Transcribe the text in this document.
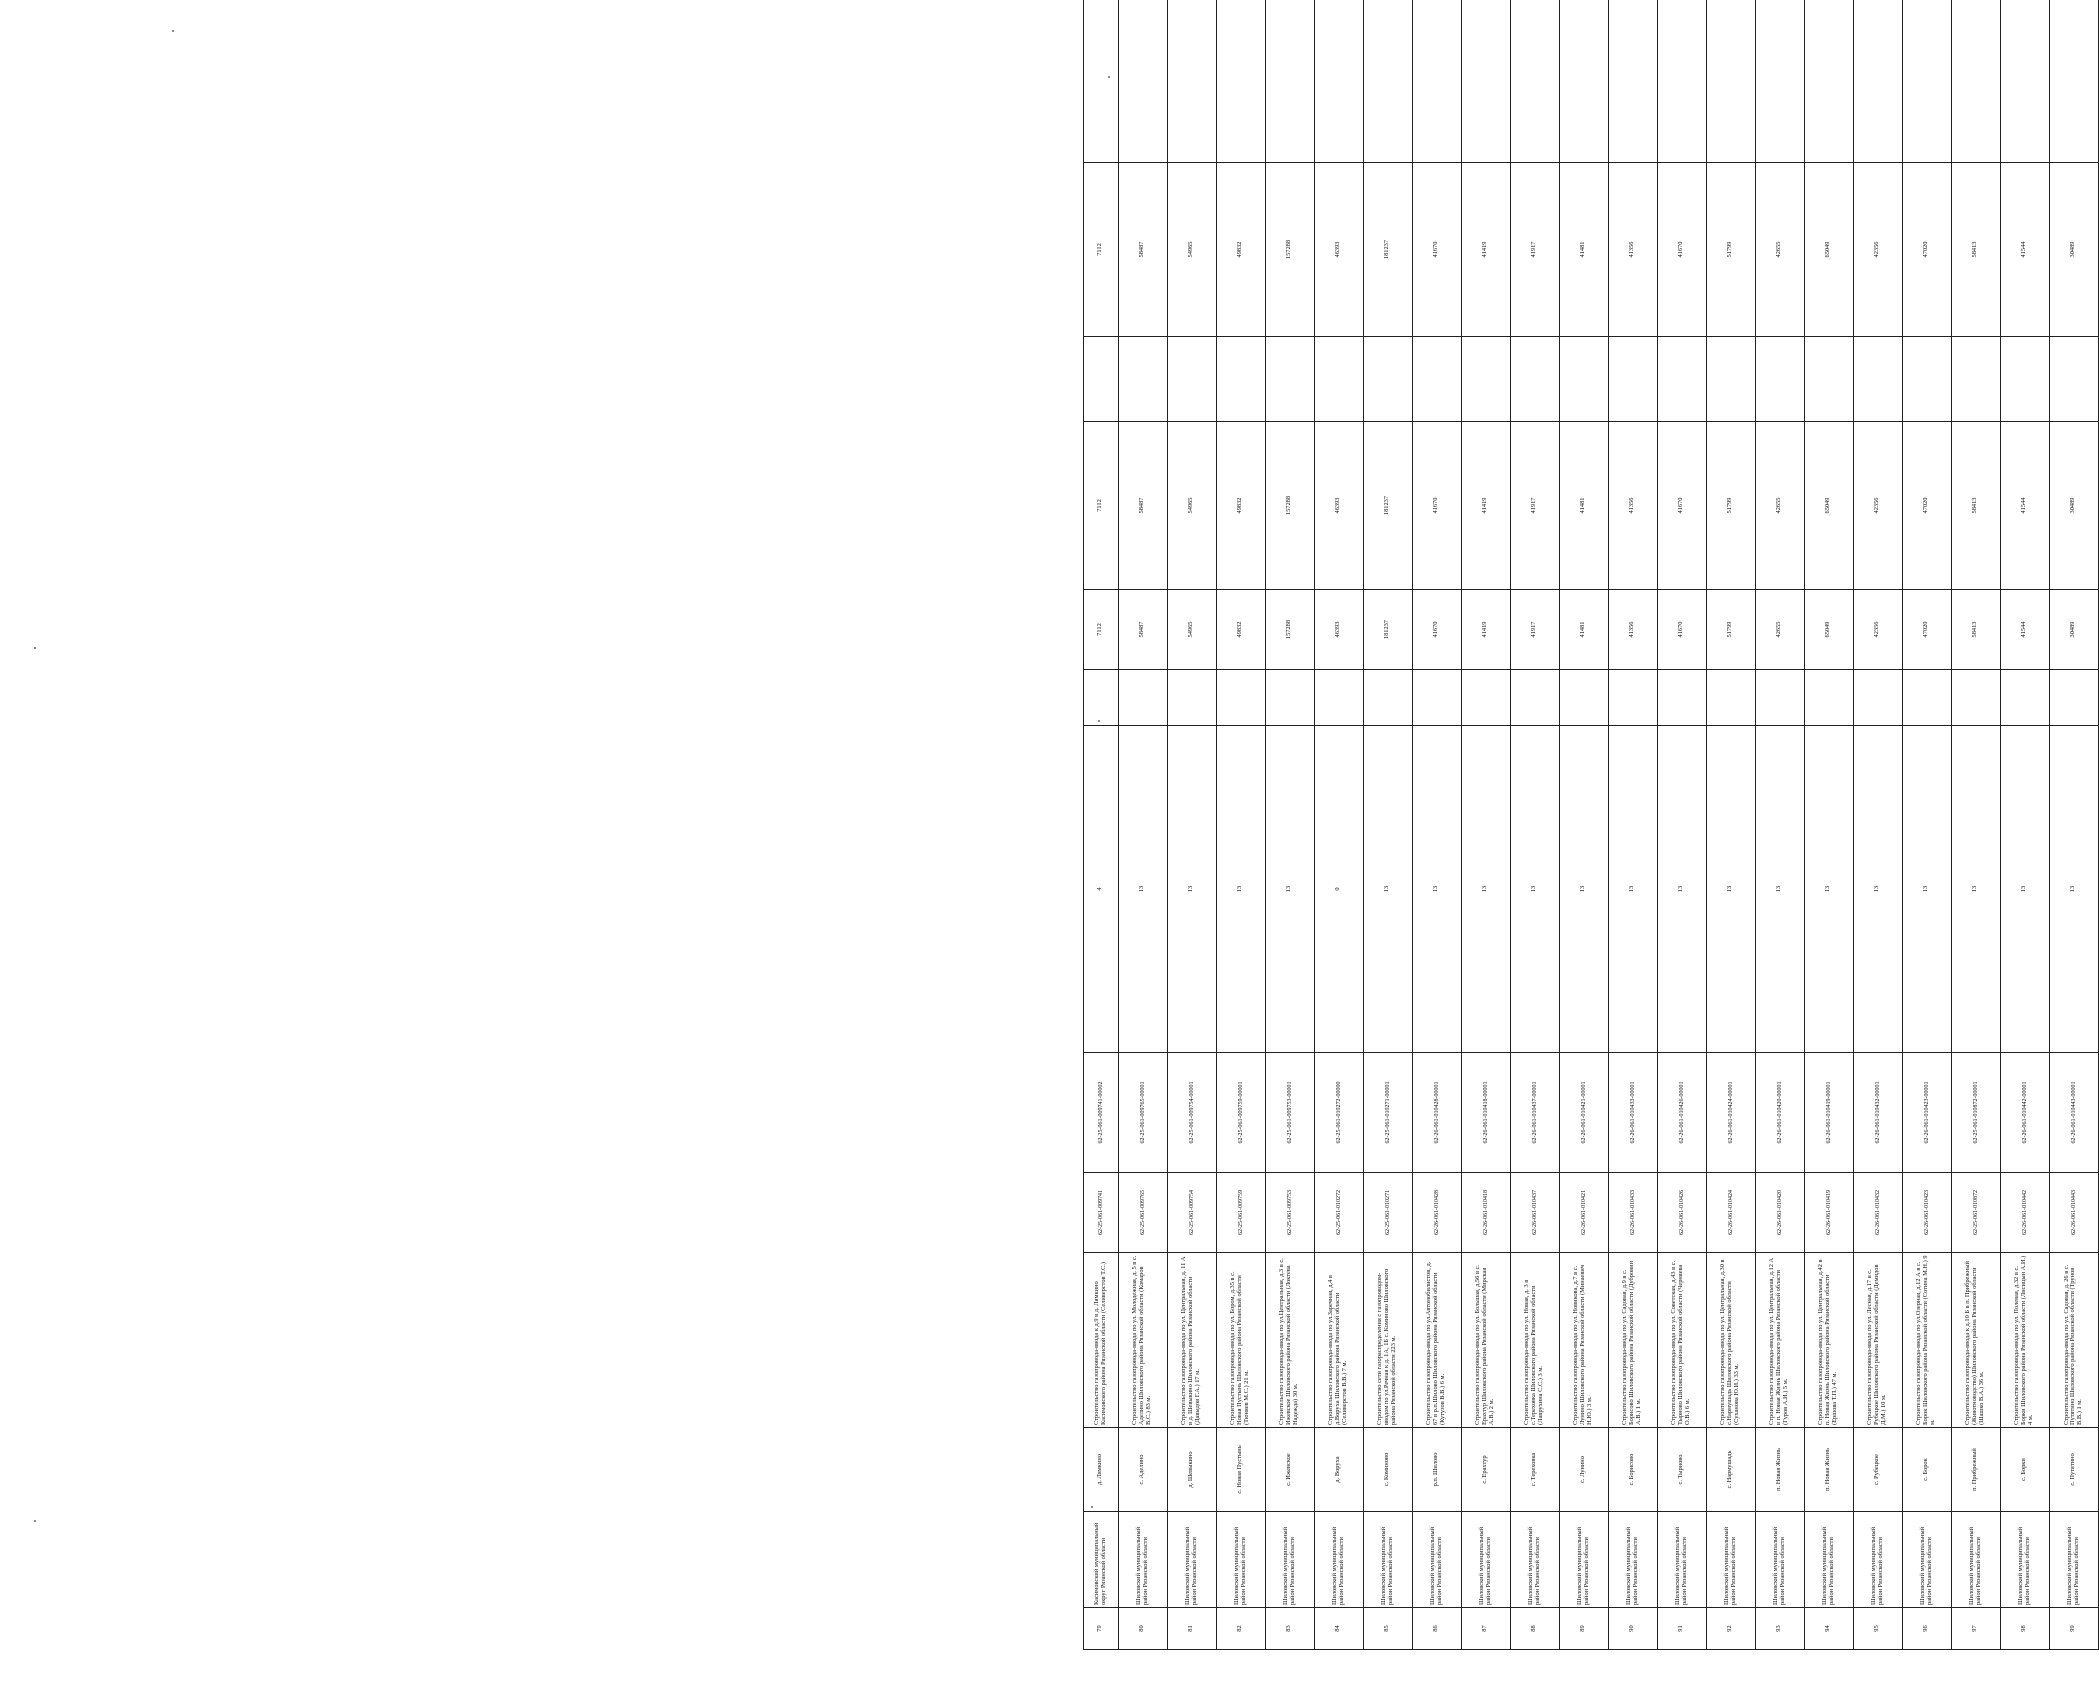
79	Касимовский муниципальный округ Рязанской области	д. Лямкино	Строительство газопровода-ввода к д.9 в д. Лямкино Касимовского района Рязанской области (Селиверстов Т.С.)	62-25-061-009741	62-25-061-009741-00002	4		7112	7112		7112	
80	Шиловский муниципальный район Рязанской области	с. Аделино	Строительство газопровода-ввода по ул. Молодежная, д. 5 в с. Аделино Шиловского района Рязанской области (Комаров В.С.) 83 м.	62-25-061-009765	62-25-061-009765-00001	13		58487	58487		58487	
81	Шиловский муниципальный район Рязанской области	д. Шевыкино	Строительство газопровода-ввода по ул. Центральная, д. 11 А в д. Шевыкино Шиловского района Рязанской области (Давыдов Г.А.) 17 м.	62-25-061-009754	62-25-061-009754-00001	13		54965	54965		54965	
82	Шиловский муниципальный район Рязанской области	с. Новая Пустынь	Строительство газопровода-ввода по ул. Бором, д.35 в с. Новая Пустынь Шиловского района Рязанской области (Тюняев М.С.) 21 м.	62-25-061-009759	62-25-061-009759-00001	13		49832	49832		49832	
83	Шиловский муниципальный район Рязанской области	с. Ижевское	Строительство газопровода-ввода по ул.Центральная, д.3 в с. Ижевское Шиловского района Рязанской области (Локтева Надежда) 30 м.	62-25-061-009753	62-25-061-009753-00001	13		157288	157288		157288	
84	Шиловский муниципальный район Рязанской области	д. Воруха	Строительство газопровода-ввода по ул.Заречная, д.4 в д.Воруха Шиловского района Рязанской области (Селиверстов В.В.) 7 м.	62-25-061-010272	62-25-061-010272-00000	0		46393	46393		46393	
85	Шиловский муниципальный район Рязанской области	с. Коминово	Строительство сети газораспределения с газопроводом-вводом по ул.Речная к д. 1А, 1Б с. Коминово Шиловского района Рязанской области 223 м.	62-25-061-010271	62-25-061-010271-00001	13		181237	181237		181237	
86	Шиловский муниципальный район Рязанской области	р.п. Шилово	Строительство газопровода-ввода по ул.Автомобилистов, д. 67 в р.п.Шилово Шиловского района Рязанской области (Кутузов В.В.) 6 м.	62-26-061-010428	62-26-061-010428-00001	13		41670	41670		41670	
87	Шиловский муниципальный район Рязанской области	с. Ерахтур	Строительство газопровода-ввода по ул. Большая, д.56 в с. Ерахтур Шиловского района Рязанской области (Мирская А.В.) 2 м.	62-26-061-010418	62-26-061-010418-00001	13		41419	41419		41419	
88	Шиловский муниципальный район Рязанской области	с. Тереховка	Строительство газопровода-ввода по ул. Новая, д. 3 в с.Тереховка Шиловского района Рязанской области (Лаврухина С.С.) 3 м.	62-26-061-010437	62-26-061-010437-00001	13		41917	41917		41917	
89	Шиловский муниципальный район Рязанской области	с. Лунино	Строительство газопровода-ввода по ул. Новикова, д.7 в с. Лунино Шиловского района Рязанской области (Минаевич Н.Ю.) 3 м.	62-26-061-010421	62-26-061-010421-00001	13		41481	41481		41481	
90	Шиловский муниципальный район Рязанской области	с. Борисово	Строительство газопровода-ввода по ул. Садовая, д.9 в с. Борисово Шиловского района Рязанской области (Дубровин А.В.) 1 м.	62-26-061-010433	62-26-061-010433-00001	13		41356	41356		41356	
91	Шиловский муниципальный район Рязанской области	с. Тырново	Строительство газопровода-ввода по ул. Советская, д.43 в с. Тырново Шиловского района Рязанской области (Черняева О.В.) 6 м.	62-26-061-010426	62-26-061-010426-00001	13		41670	41670		41670	
92	Шиловский муниципальный район Рязанской области	с. Нармушадь	Строительство газопровода-ввода по ул. Центральная, д.30 в с.Нармушадь Шиловского района Рязанской области (Суханова Ю.И.) 33 м.	62-26-061-010424	62-26-061-010424-00001	13		51799	51799		51799	
93	Шиловский муниципальный район Рязанской области	п. Новая Жизнь	Строительство газопровода-ввода по ул. Центральная, д.12 А в п. Новая Жизнь Шиловского района Рязанской области (Гуров А.И.) 5 м.	62-26-061-010420	62-26-061-010420-00001	13		42655	42655		42655	
94	Шиловский муниципальный район Рязанской области	п. Новая Жизнь	Строительство газопровода-ввода по ул. Центральная, д.42 в п. Новая Жизнь Шиловского района Рязанской области (Ершова Т.П.) 47 м.	62-26-061-010419	62-26-061-010419-00001	13		65049	65049		65049	
95	Шиловский муниципальный район Рязанской области	с. Рубецкое	Строительство газопровода-ввода по ул. Лесная, д.17 в с. Рубецкое Шиловского района Рязанской области (Демидов Д.М.) 10 м.	62-26-061-010432	62-26-061-010432-00001	13		42356	42356		42356	
96	Шиловский муниципальный район Рязанской области	с. Борок	Строительство газопровода-ввода по ул.Озерная, д.12 А в с. Борок Шиловского района Рязанской области (Сотина М.Н.) 9 м.	62-26-061-010423	62-26-061-010423-00001	13		47020	47020		47020	
97	Шиловский муниципальный район Рязанской области	п. Прибрежный	Строительство газопровода-ввода к д.10 Б в п. Прибрежный (Животноводство) Шиловского района Рязанской области (Шашко В.А.) 36 м.	62-25-061-010872	62-25-061-010872-00001	13		58413	58413		58413	
98	Шиловский муниципальный район Рязанской области	с. Борки	Строительство газопровода-ввода по ул. Полевая, д.32 в с. Борки Шиловского района Рязанской области (Лисицын А.И.) 4 м.	62-26-061-010442	62-26-061-010442-00001	13		41544	41544		41544	
99	Шиловский муниципальный район Рязанской области	с. Путятино	Строительство газопровода-ввода по ул. Садовая, д. 26 в с. Путятино Шиловского района Рязанской области (Трунов В.В.) 1 м.	62-26-061-010443	62-26-061-010443-00001	13		30489	30489		30489	
